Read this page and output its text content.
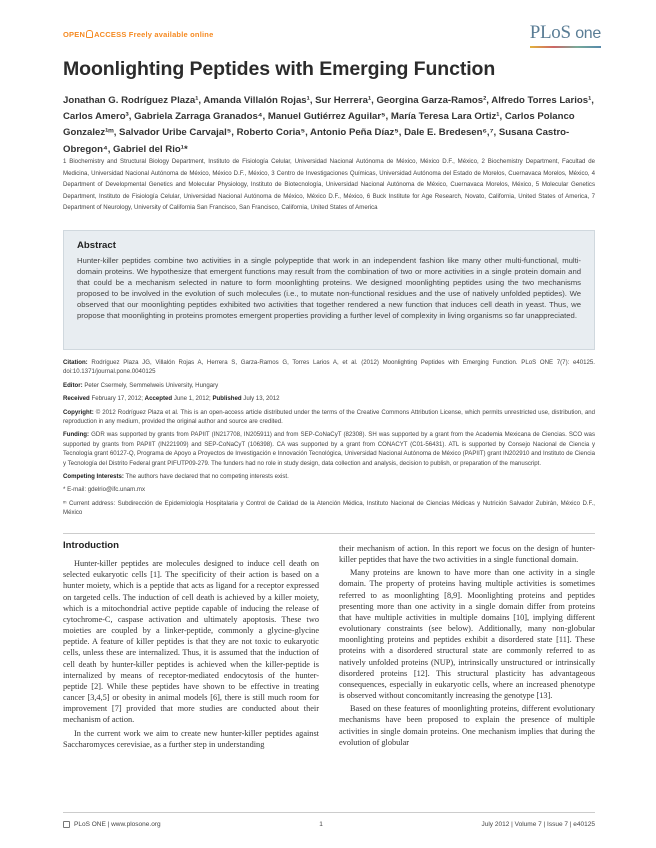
OPEN ACCESS Freely available online	PLoS one
Moonlighting Peptides with Emerging Function
Jonathan G. Rodríguez Plaza¹, Amanda Villalón Rojas¹, Sur Herrera¹, Georgina Garza-Ramos², Alfredo Torres Larios¹, Carlos Amero³, Gabriela Zarraga Granados⁴, Manuel Gutiérrez Aguilar⁵, María Teresa Lara Ortiz¹, Carlos Polanco Gonzalez¹ᵐ, Salvador Uribe Carvajal⁵, Roberto Coria⁵, Antonio Peña Díaz⁵, Dale E. Bredesen⁶,⁷, Susana Castro-Obregon⁴, Gabriel del Rio¹*
1 Biochemistry and Structural Biology Department, Instituto de Fisiología Celular, Universidad Nacional Autónoma de México, México D.F., México, 2 Biochemistry Department, Facultad de Medicina, Universidad Nacional Autónoma de México, México D.F., México, 3 Centro de Investigaciones Químicas, Universidad Autónoma del Estado de Morelos, Cuernavaca Morelos, México, 4 Department of Developmental Genetics and Molecular Physiology, Instituto de Biotecnología, Universidad Nacional Autónoma de México, Cuernavaca Morelos, México, 5 Molecular Genetics Department, Instituto de Fisiología Celular, Universidad Nacional Autónoma de México, México D.F., México, 6 Buck Institute for Age Research, Novato, California, United States of America, 7 Department of Neurology, University of California San Francisco, San Francisco, California, United States of America
Abstract

Hunter-killer peptides combine two activities in a single polypeptide that work in an independent fashion like many other multi-functional, multi-domain proteins. We hypothesize that emergent functions may result from the combination of two or more activities in a single protein domain and that could be a mechanism selected in nature to form moonlighting proteins. We designed moonlighting peptides using the two mechanisms proposed to be involved in the evolution of such molecules (i.e., to mutate non-functional residues and the use of natively unfolded peptides). We observed that our moonlighting peptides exhibited two activities that together rendered a new function that induces cell death in yeast. Thus, we propose that moonlighting in proteins promotes emergent properties providing a further level of complexity in living organisms so far unappreciated.

Citation: Rodríguez Plaza JG, Villalón Rojas A, Herrera S, Garza-Ramos G, Torres Larios A, et al. (2012) Moonlighting Peptides with Emerging Function. PLoS ONE 7(7): e40125. doi:10.1371/journal.pone.0040125
Editor: Peter Csermely, Semmelweis University, Hungary
Received February 17, 2012; Accepted June 1, 2012; Published July 13, 2012
Copyright: © 2012 Rodríguez Plaza et al. This is an open-access article distributed under the terms of the Creative Commons Attribution License, which permits unrestricted use, distribution, and reproduction in any medium, provided the original author and source are credited.
Funding: GDR was supported by grants from PAPIIT (IN217708, IN205911) and from SEP-CoNaCyT (82308). SH was supported by a grant from the Academia Mexicana de Ciencias. SCO was supported by grants from PAPIIT (IN221909) and SEP-CoNaCyT (106398). CA was supported by a grant from CONACYT (C01-56431). ATL is supported by Consejo Nacional de Ciencia y Tecnología grant 60127-Q, Programa de Apoyo a Proyectos de Investigación e Innovación Tecnológica, Universidad Nacional Autónoma de México (PAPIIT) grant IN202910 and Instituto de Ciencia y Tecnología del Distrito Federal grant PIFUTP09-279. The funders had no role in study design, data collection and analysis, decision to publish, or preparation of the manuscript.
Competing Interests: The authors have declared that no competing interests exist.
* E-mail: gdelrio@ifc.unam.mx
ᵐ Current address: Subdirección de Epidemiología Hospitalaria y Control de Calidad de la Atención Médica, Instituto Nacional de Ciencias Médicas y Nutrición Salvador Zubirán, México D.F., México
Introduction

Hunter-killer peptides are molecules designed to induce cell death on selected eukaryotic cells [1]. The specificity of their action is based on a hunter moiety, which is a peptide that acts as ligand for a receptor expressed on targeted cells. The induction of cell death is achieved by a killer moiety, which is a mitochondrial active peptide capable of inducing the release of cytochrome-C, caspase activation and ultimately apoptosis. These two moieties are coupled by a linker-peptide, commonly a glycine-glycine peptide. A feature of killer peptides is that they are not toxic to eukaryotic cells, unless these are internalized. Thus, it is assumed that the induction of cell death by hunter-killer peptides is achieved when the killer-peptide is internalized by means of receptor-mediated endocytosis of the hunter-peptide [2]. While these peptides have shown to be effective in treating cancer [3,4,5] or obesity in animal models [6], there is still much room for improvement [7] provided that more studies are conducted about their mechanism of action.

In the current work we aim to create new hunter-killer peptides against Saccharomyces cerevisiae, as a further step in understanding

their mechanism of action. In this report we focus on the design of hunter-killer peptides that have the two activities in a single functional domain.

Many proteins are known to have more than one activity in a single domain. The property of proteins having multiple activities is sometimes referred to as moonlighting [8,9]. Moonlighting proteins and peptides presenting more than one activity in a single domain differ from proteins that have multiple activities in multiple domains [10], implying different evolutionary constraints (see below). Additionally, many non-globular moonlighting proteins and peptides exhibit a disordered state [11]. These proteins with a disordered structural state are commonly referred to as natively unfolded proteins (NUP), intrinsically unstructured or intrinsically disordered proteins [12]. This structural plasticity has advantageous consequences, especially in eukaryotic cells, where an increased phenotype is observed without concomitantly increasing the genotype [13].

Based on these features of moonlighting proteins, different evolutionary mechanisms have been proposed to explain the presence of multiple activities in single domain proteins. One mechanism implies that during the evolution of globular

PLoS ONE | www.plosone.org	1	July 2012 | Volume 7 | Issue 7 | e40125
